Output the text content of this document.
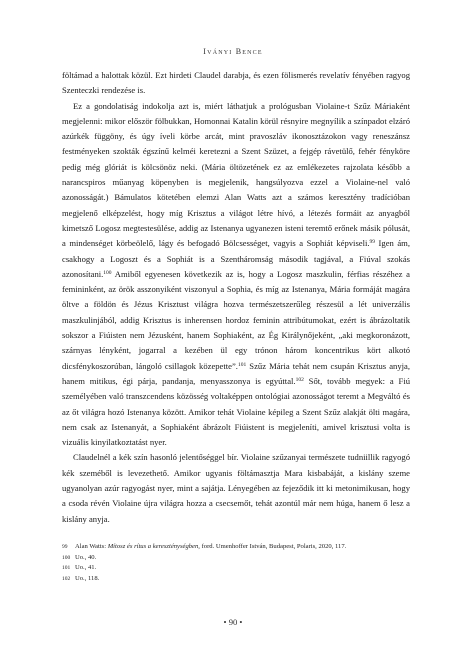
Iványi Bence

föltámad a halottak közül. Ezt hirdeti Claudel darabja, és ezen fölismerés revelatív fényében ragyog Szenteczki rendezése is.

Ez a gondolatiság indokolja azt is, miért láthatjuk a prológusban Violaine-t Szűz Máriaként megjelenni: mikor először fölbukkan, Homonnai Katalin körül résnyire megnyílik a színpadot elzáró azúrkék függöny, és úgy íveli körbe arcát, mint pravoszláv ikonosztázokon vagy reneszánsz festményeken szokták égszínű kelméi keretezni a Szent Szüzet, a fejgép rávetülő, fehér fénykörе pedig még glóriát is kölcsönöz neki. (Mária öltözetének ez az emlékezetes rajzolata később a narancspiros műanyag köpenyben is megjelenik, hangsúlyozva ezzel a Violaine-nel való azonosságát.) Bámulatos kötetében elemzi Alan Watts azt a számos keresztény tradícióban megjelenő elképzelést, hogy míg Krisztus a világot létre hívó, a létezés formáit az anyagból kimetsző Logosz megtestesülése, addig az Istenanya ugyanezen isteni teremtő erőnek másik pólusát, a mindenséget körbeölelő, lágy és befogadó Bölcsességet, vagyis a Sophiát képviseli.$^{99}$ Igen ám, csakhogy a Logoszt és a Sophiát is a Szentháromság második tagjával, a Fiúval szokás azonosítani.$^{100}$ Amiből egyenesen következik az is, hogy a Logosz maszkulin, férfias részéhez a femininként, az örök asszonyiként viszonyul a Sophia, és míg az Istenanya, Mária formáját magára öltve a földön és Jézus Krisztust világra hozva természetszerűleg részesül a lét univerzális maszkulinjából, addig Krisztus is inherensen hordoz feminin attribútumokat, ezért is ábrázoltatik sokszor a Fiúisten nem Jézusként, hanem Sophiaként, az Ég Királynőjeként, „aki megkoronázott, szárnyas lényként, jogarral a kezében ül egy trónon három koncentrikus kört alkotó dicsfénykoszorúban, lángoló csillagok közepette”.$^{101}$ Szűz Mária tehát nem csupán Krisztus anyja, hanem mitikus, égi párja, pandanja, menyasszonya is egyúttal.$^{102}$ Sőt, tovább megyek: a Fiú személyében való transzcendens közösség voltaképpen ontológiai azonosságot teremt a Megváltó és az őt világra hozó Istenanya között. Amikor tehát Violaine képileg a Szent Szűz alakját ölti magára, nem csak az Istenanyát, a Sophiaként ábrázolt Fiúistent is megjeleníti, amivel krisztusi volta is vizuális kinyilatkoztatást nyer.

Claudelnél a kék szín hasonló jelentőséggel bír. Violaine szűzanyai természete tudniillik ragyogó kék szeméből is levezethető. Amikor ugyanis föltámasztja Mara kisbabáját, a kislány szeme ugyanolyan azúr ragyogást nyer, mint a sajátja. Lényegében az fejeződik itt ki metonimikusan, hogy a csoda révén Violaine újra világra hozza a csecsemőt, tehát azontúl már nem húga, hanem ő lesz a kislány anyja.

99	Alan Watts: Mítosz és rítus a kereszténységben, ford. Umenhoffer István, Budapest, Polaris, 2020, 117.
100 Uo., 40.
101 Uo., 41.
102 Uo., 118.
• 90 •
